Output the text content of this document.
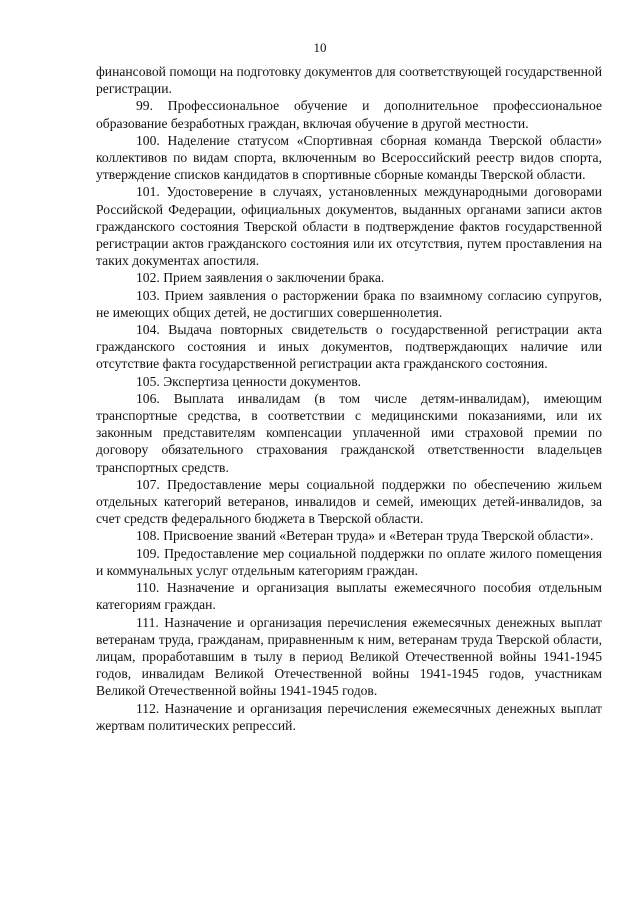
10

финансовой помощи на подготовку документов для соответствующей государственной регистрации.

99. Профессиональное обучение и дополнительное профессиональное образование безработных граждан, включая обучение в другой местности.

100. Наделение статусом «Спортивная сборная команда Тверской области» коллективов по видам спорта, включенным во Всероссийский реестр видов спорта, утверждение списков кандидатов в спортивные сборные команды Тверской области.

101. Удостоверение в случаях, установленных международными договорами Российской Федерации, официальных документов, выданных органами записи актов гражданского состояния Тверской области в подтверждение фактов государственной регистрации актов гражданского состояния или их отсутствия, путем проставления на таких документах апостиля.

102. Прием заявления о заключении брака.

103. Прием заявления о расторжении брака по взаимному согласию супругов, не имеющих общих детей, не достигших совершеннолетия.

104. Выдача повторных свидетельств о государственной регистрации акта гражданского состояния и иных документов, подтверждающих наличие или отсутствие факта государственной регистрации акта гражданского состояния.

105. Экспертиза ценности документов.

106. Выплата инвалидам (в том числе детям-инвалидам), имеющим транспортные средства, в соответствии с медицинскими показаниями, или их законным представителям компенсации уплаченной ими страховой премии по договору обязательного страхования гражданской ответственности владельцев транспортных средств.

107. Предоставление меры социальной поддержки по обеспечению жильем отдельных категорий ветеранов, инвалидов и семей, имеющих детей-инвалидов, за счет средств федерального бюджета в Тверской области.

108. Присвоение званий «Ветеран труда» и «Ветеран труда Тверской области».

109. Предоставление мер социальной поддержки по оплате жилого помещения и коммунальных услуг отдельным категориям граждан.

110. Назначение и организация выплаты ежемесячного пособия отдельным категориям граждан.

111. Назначение и организация перечисления ежемесячных денежных выплат ветеранам труда, гражданам, приравненным к ним, ветеранам труда Тверской области, лицам, проработавшим в тылу в период Великой Отечественной войны 1941-1945 годов, инвалидам Великой Отечественной войны 1941-1945 годов, участникам Великой Отечественной войны 1941-1945 годов.

112. Назначение и организация перечисления ежемесячных денежных выплат жертвам политических репрессий.
